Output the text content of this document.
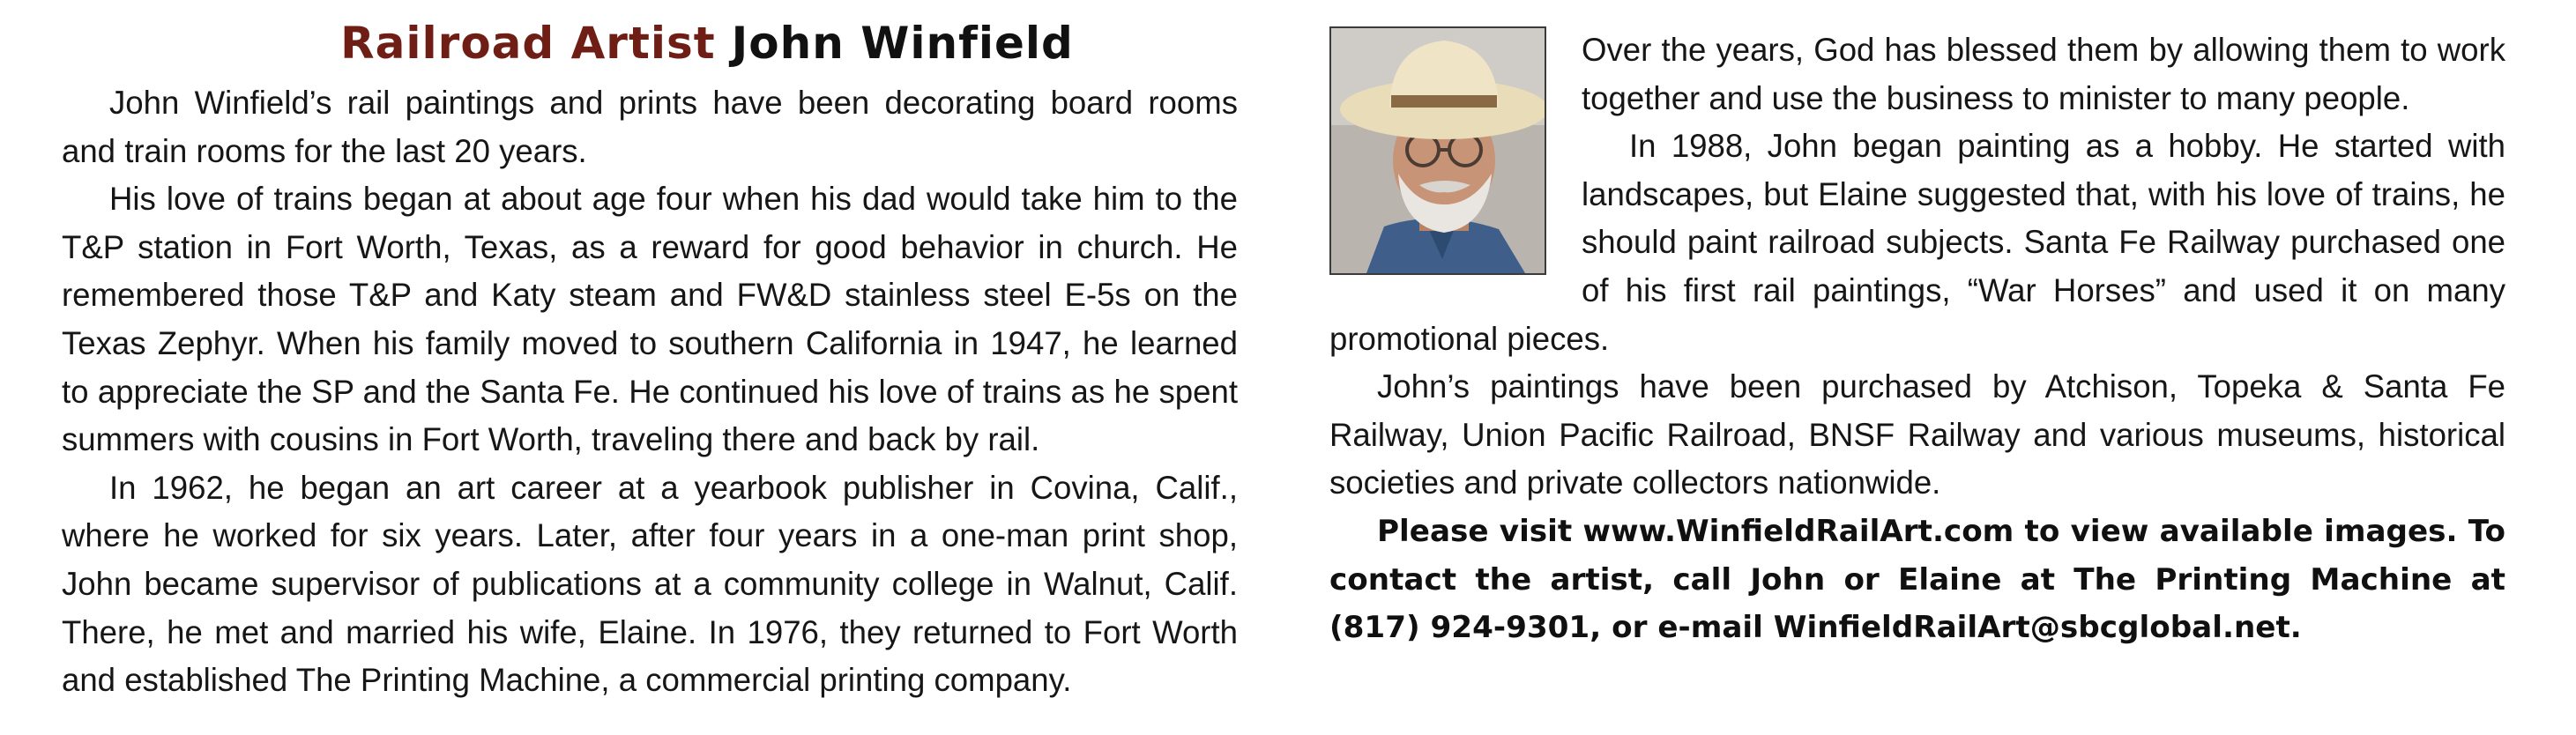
Railroad Artist John Winfield

John Winfield’s rail paintings and prints have been decorating board rooms and train rooms for the last 20 years.

His love of trains began at about age four when his dad would take him to the T&P station in Fort Worth, Texas, as a reward for good behavior in church. He remembered those T&P and Katy steam and FW&D stainless steel E-5s on the Texas Zephyr. When his family moved to southern California in 1947, he learned to appreciate the SP and the Santa Fe. He continued his love of trains as he spent summers with cousins in Fort Worth, traveling there and back by rail.

In 1962, he began an art career at a yearbook publisher in Covina, Calif., where he worked for six years. Later, after four years in a one-man print shop, John became supervisor of publications at a community college in Walnut, Calif. There, he met and married his wife, Elaine. In 1976, they returned to Fort Worth and established The Printing Machine, a commercial printing company.

Over the years, God has blessed them by allowing them to work together and use the business to minister to many people.

In 1988, John began painting as a hobby. He started with landscapes, but Elaine suggested that, with his love of trains, he should paint railroad subjects. Santa Fe Railway purchased one of his first rail paintings, “War Horses” and used it on many promotional pieces.

John’s paintings have been purchased by Atchison, Topeka & Santa Fe Railway, Union Pacific Railroad, BNSF Railway and various museums, historical societies and private collectors nationwide.

Please visit www.WinfieldRailArt.com to view available images. To contact the artist, call John or Elaine at The Printing Machine at (817) 924-9301, or e-mail WinfieldRailArt@sbcglobal.net.
